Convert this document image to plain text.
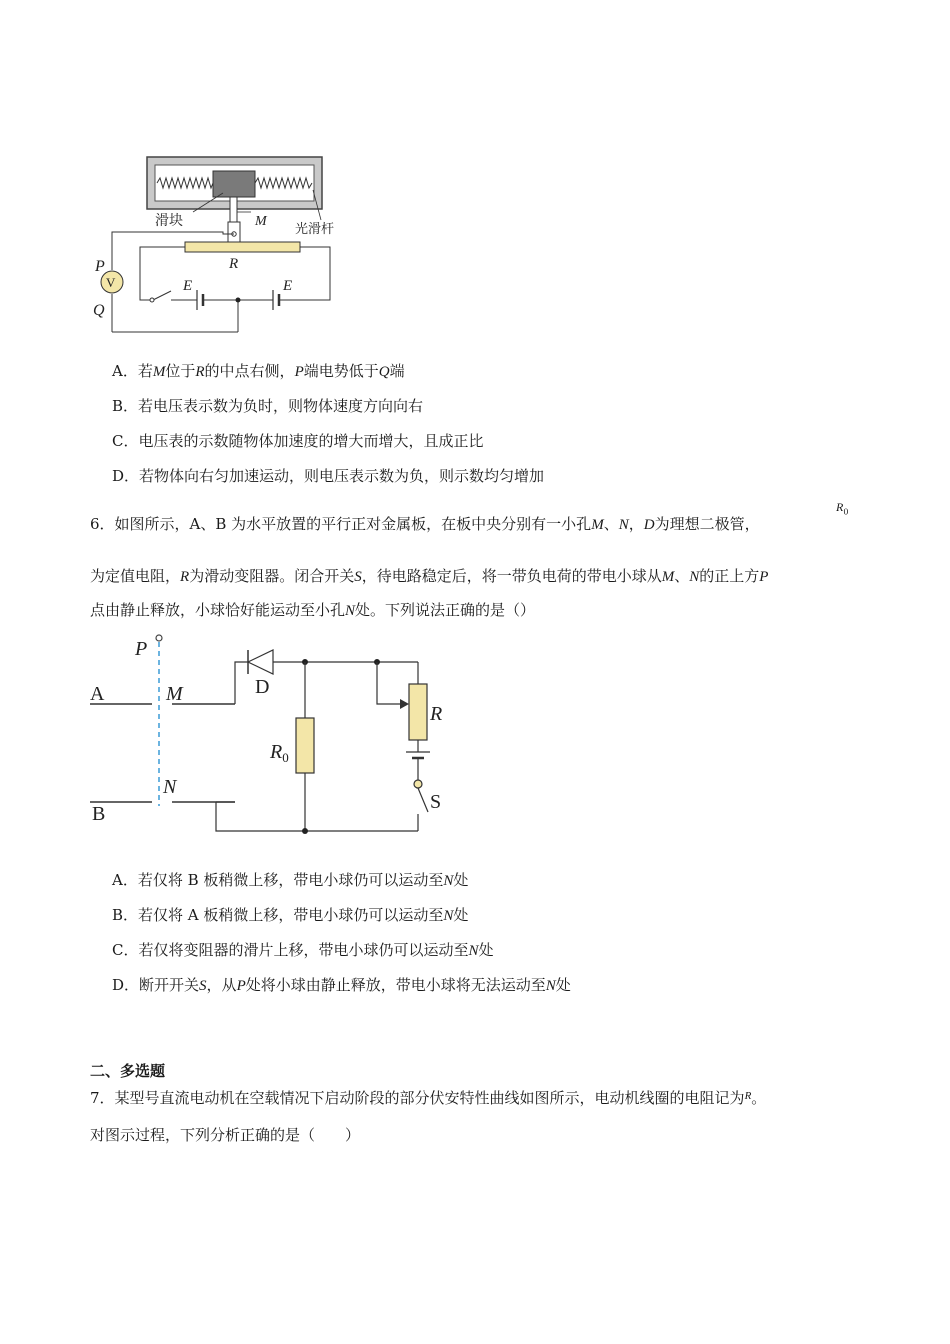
滑块	M 光滑杆
R
E	E
V
P
Q
A．若M位于R的中点右侧，P端电势低于Q端
B．若电压表示数为负时，则物体速度方向向右
C．电压表的示数随物体加速度的增大而增大，且成正比
D．若物体向右匀加速运动，则电压表示数为负，则示数均匀增加
6．如图所示，A、B 为水平放置的平行正对金属板，在板中央分别有一小孔M、N，D为理想二极管，
$R_0$
为定值电阻，R为滑动变阻器。闭合开关S，待电路稳定后，将一带负电荷的带电小球从M、N的正上方P
点由静止释放，小球恰好能运动至小孔N处。下列说法正确的是（）
P
A	M
N
B
D
$R_0$
R
S
A．若仅将 B 板稍微上移，带电小球仍可以运动至N处
B．若仅将 A 板稍微上移，带电小球仍可以运动至N处
C．若仅将变阻器的滑片上移，带电小球仍可以运动至N处
D．断开开关S，从P处将小球由静止释放，带电小球将无法运动至N处
二、多选题
7．某型号直流电动机在空载情况下启动阶段的部分伏安特性曲线如图所示，电动机线圈的电阻记为$^R$。
对图示过程，下列分析正确的是（　　）
